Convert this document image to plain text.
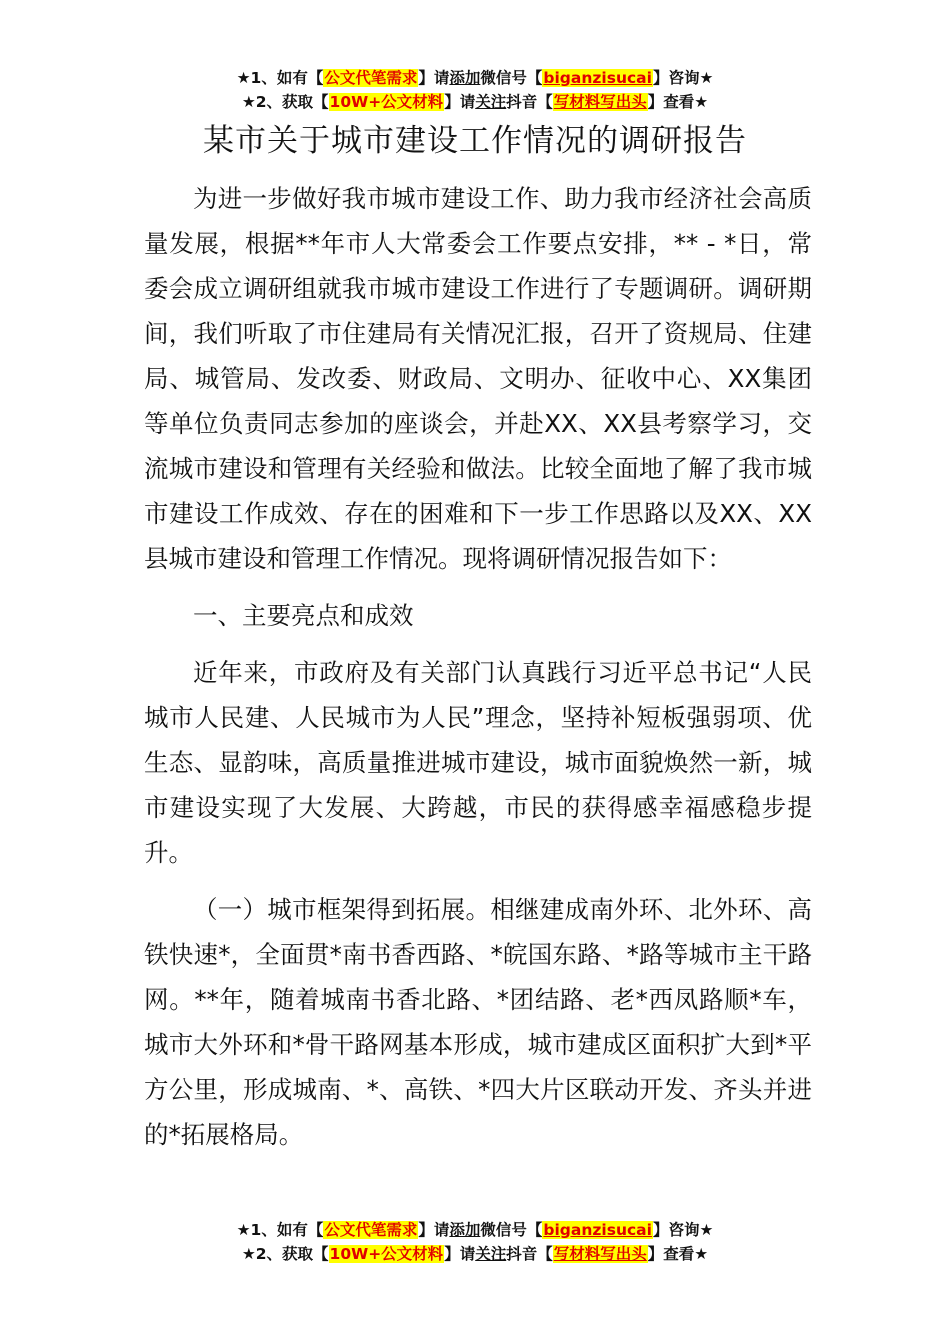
★1、如有【公文代笔需求】请添加微信号【biganzisucai】咨询★
★2、获取【10W+公文材料】请关注抖音【写材料写出头】查看★
某市关于城市建设工作情况的调研报告

为进一步做好我市城市建设工作、助力我市经济社会高质量发展，根据**年市人大常委会工作要点安排，** - *日，常委会成立调研组就我市城市建设工作进行了专题调研。调研期间，我们听取了市住建局有关情况汇报，召开了资规局、住建局、城管局、发改委、财政局、文明办、征收中心、XX集团等单位负责同志参加的座谈会，并赴XX、XX县考察学习，交流城市建设和管理有关经验和做法。比较全面地了解了我市城市建设工作成效、存在的困难和下一步工作思路以及XX、XX县城市建设和管理工作情况。现将调研情况报告如下：

一、主要亮点和成效

近年来，市政府及有关部门认真践行习近平总书记“人民城市人民建、人民城市为人民”理念，坚持补短板强弱项、优生态、显韵味，高质量推进城市建设，城市面貌焕然一新，城市建设实现了大发展、大跨越，市民的获得感幸福感稳步提升。

（一）城市框架得到拓展。相继建成南外环、北外环、高铁快速*，全面贯*南书香西路、*皖国东路、*路等城市主干路网。**年，随着城南书香北路、*团结路、老*西凤路顺*车，城市大外环和*骨干路网基本形成，城市建成区面积扩大到*平方公里，形成城南、*、高铁、*四大片区联动开发、齐头并进的*拓展格局。

★1、如有【公文代笔需求】请添加微信号【biganzisucai】咨询★
★2、获取【10W+公文材料】请关注抖音【写材料写出头】查看★
